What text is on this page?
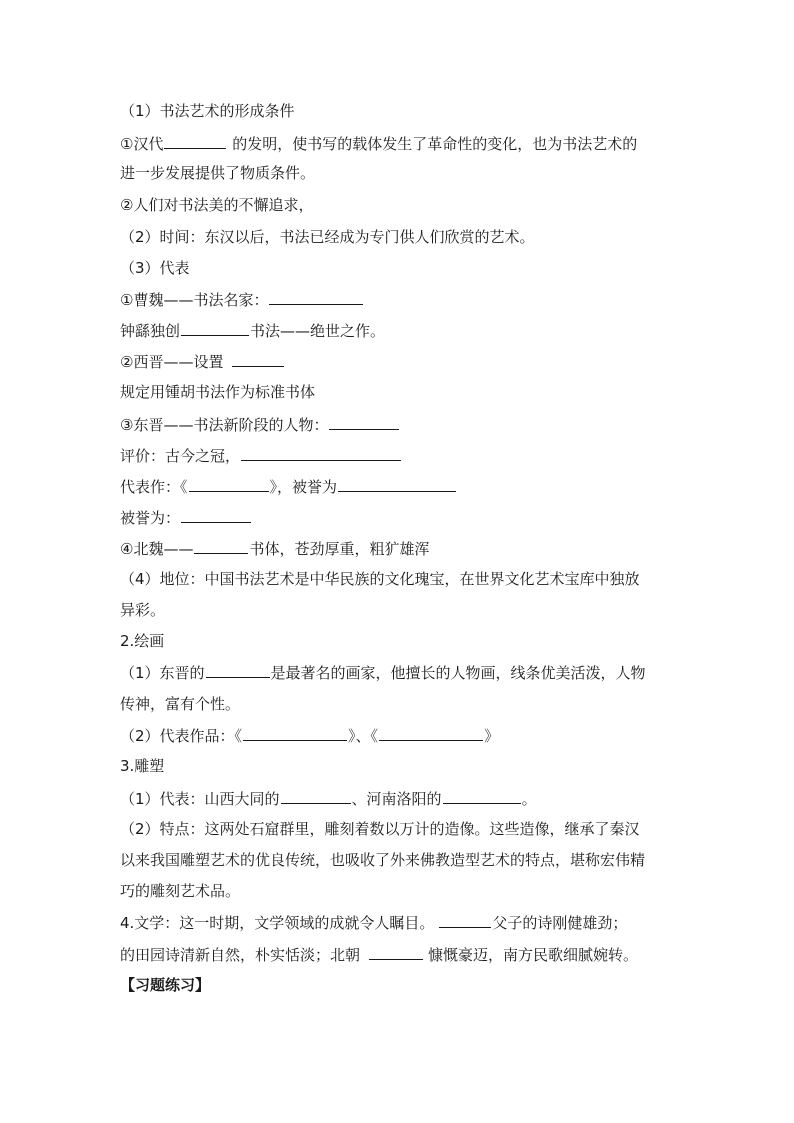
（1）书法艺术的形成条件
①汉代	的发明，使书写的载体发生了革命性的变化，也为书法艺术的
进一步发展提供了物质条件。
②人们对书法美的不懈追求，
（2）时间：东汉以后，书法已经成为专门供人们欣赏的艺术。
（3）代表
①曹魏——书法名家：
钟繇独创	书法——绝世之作。
②西晋——设置
规定用锺胡书法作为标准书体
③东晋——书法新阶段的人物：
评价：古今之冠，
代表作：《	》，被誉为
被誉为：
④北魏——	书体，苍劲厚重，粗犷雄浑
（4）地位：中国书法艺术是中华民族的文化瑰宝，在世界文化艺术宝库中独放
异彩。
2.绘画
（1）东晋的	是最著名的画家，他擅长的人物画，线条优美活泼，人物
传神，富有个性。
（2）代表作品：《	》、《	》
3.雕塑
（1）代表：山西大同的	、河南洛阳的	。
（2）特点：这两处石窟群里，雕刻着数以万计的造像。这些造像，继承了秦汉
以来我国雕塑艺术的优良传统，也吸收了外来佛教造型艺术的特点，堪称宏伟精
巧的雕刻艺术品。
4.文学：这一时期，文学领域的成就令人瞩目。	父子的诗刚健雄劲；
的田园诗清新自然，朴实恬淡；北朝	慷慨豪迈，南方民歌细腻婉转。
【习题练习】
